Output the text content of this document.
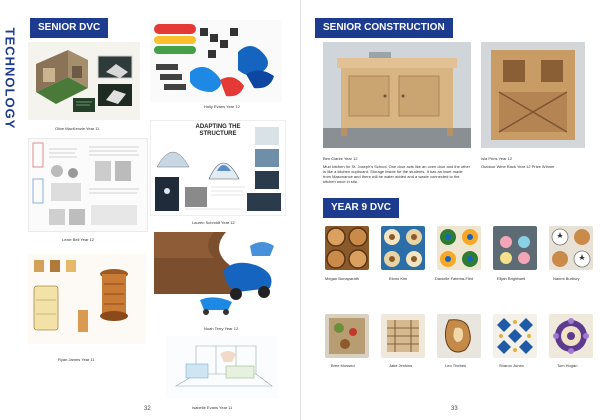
TECHNOLOGY	SENIOR DVC
Olive MacKenzie Year 11
Holly Evans Year 12
Lexie Bell Year 12
ADAPTING THE STRUCTURE
Lauren Schmidt Year 12
Ryan James Year 11
Noah Terry Year 12
Isabelle Evans Year 11
32
SENIOR CONSTRUCTION
Ben Clarke Year 12
Mud kitchen for St. Joseph's School. One door acts like an oven door and the other is like a kitchen cupboard. Storage inside for the students. It has an inset made from Masonance and there will be water added and a waste connected to the kitchen once in situ.
Isla Prins Year 12
Outdoor Wine Rack Year 12 Prize Winner
YEAR 9 DVC
Megan Bonaparath	Ekmo Kim	Danielle Fatema-Flint	Elijah Brightwell	Naomi Burbury
Bree Mossed	Jake Jenkins	Leo Thebes	Sharon Juneo	Tom Hogan
33
